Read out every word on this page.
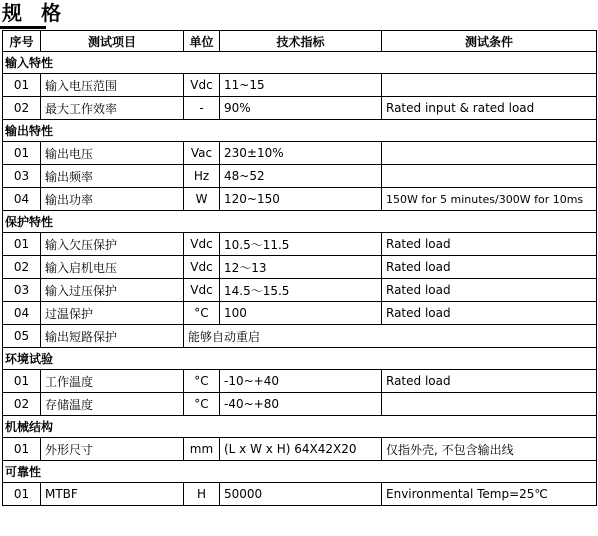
规 格
序号	测试项目	单位	技术指标	测试条件
输入特性				
01	输入电压范围	Vdc	11~15	
02	最大工作效率	-	90%	Rated input & rated load
输出特性				
01	输出电压	Vac	230±10%	
03	输出频率	Hz	48~52	
04	输出功率	W	120~150	150W for 5 minutes/300W for 10ms
保护特性				
01	输入欠压保护	Vdc	10.5～11.5	Rated load
02	输入启机电压	Vdc	12～13	Rated load
03	输入过压保护	Vdc	14.5～15.5	Rated load
04	过温保护	°C	100	Rated load
05	输出短路保护	能够自动重启		
环境试验				
01	工作温度	°C	-10~+40	Rated load
02	存储温度	°C	-40~+80	
机械结构				
01	外形尺寸	mm	(L x W x H) 64X42X20	仅指外壳, 不包含输出线
可靠性				
01	MTBF	H	50000	Environmental Temp=25℃
